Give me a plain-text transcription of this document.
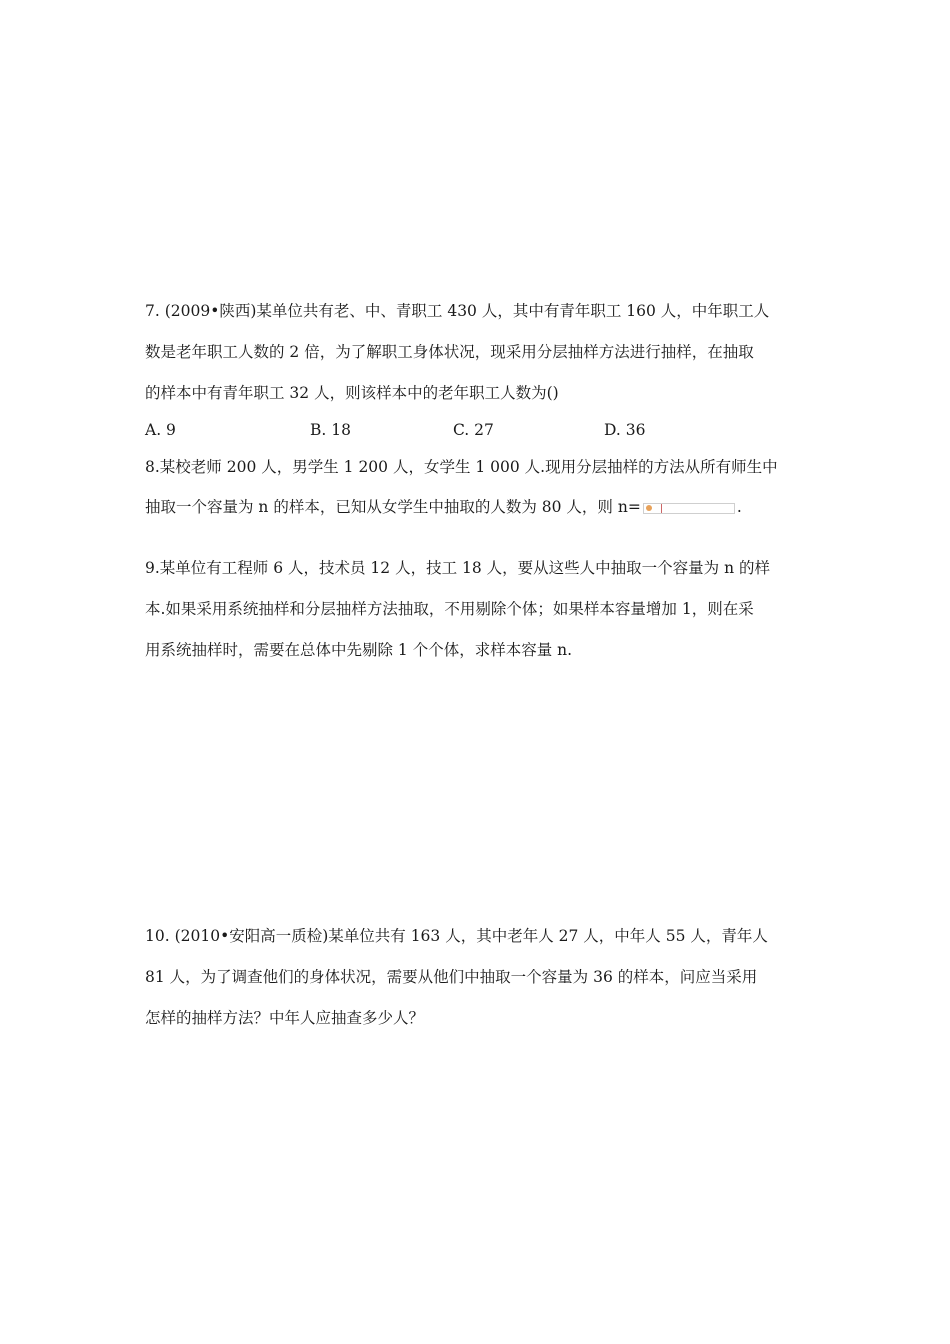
7. (2009•陕西)某单位共有老、中、青职工 430 人，其中有青年职工 160 人，中年职工人
数是老年职工人数的 2 倍，为了解职工身体状况，现采用分层抽样方法进行抽样，在抽取
的样本中有青年职工 32 人，则该样本中的老年职工人数为()
A. 9	B. 18	C. 27	D. 36
8.某校老师 200 人，男学生 1 200 人，女学生 1 000 人.现用分层抽样的方法从所有师生中
抽取一个容量为 n 的样本，已知从女学生中抽取的人数为 80 人，则 n=	.
9.某单位有工程师 6 人，技术员 12 人，技工 18 人，要从这些人中抽取一个容量为 n 的样
本.如果采用系统抽样和分层抽样方法抽取，不用剔除个体；如果样本容量增加 1，则在采
用系统抽样时，需要在总体中先剔除 1 个个体，求样本容量 n.
10. (2010•安阳高一质检)某单位共有 163 人，其中老年人 27 人，中年人 55 人，青年人
81 人，为了调查他们的身体状况，需要从他们中抽取一个容量为 36 的样本，问应当采用
怎样的抽样方法？中年人应抽查多少人？
